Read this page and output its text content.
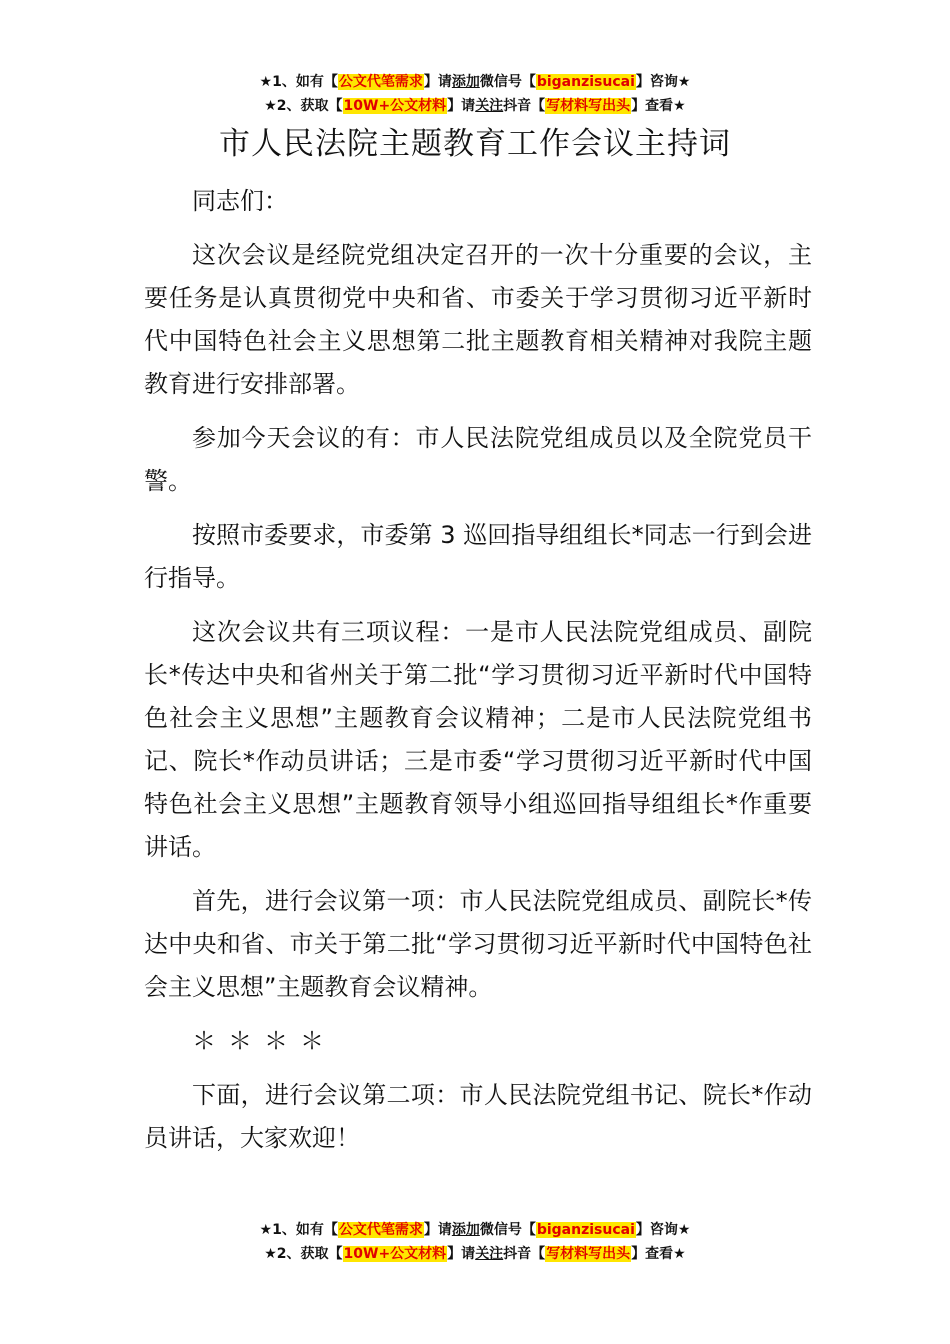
★1、如有【公文代笔需求】请添加微信号【biganzisucai】咨询★
★2、获取【10W+公文材料】请关注抖音【写材料写出头】查看★
市人民法院主题教育工作会议主持词

同志们：

这次会议是经院党组决定召开的一次十分重要的会议，主要任务是认真贯彻党中央和省、市委关于学习贯彻习近平新时代中国特色社会主义思想第二批主题教育相关精神对我院主题教育进行安排部署。

参加今天会议的有：市人民法院党组成员以及全院党员干警。

按照市委要求，市委第 3 巡回指导组组长*同志一行到会进行指导。

这次会议共有三项议程：一是市人民法院党组成员、副院长*传达中央和省州关于第二批“学习贯彻习近平新时代中国特色社会主义思想”主题教育会议精神；二是市人民法院党组书记、院长*作动员讲话；三是市委“学习贯彻习近平新时代中国特色社会主义思想”主题教育领导小组巡回指导组组长*作重要讲话。

首先，进行会议第一项：市人民法院党组成员、副院长*传达中央和省、市关于第二批“学习贯彻习近平新时代中国特色社会主义思想”主题教育会议精神。

＊＊＊＊

下面，进行会议第二项：市人民法院党组书记、院长*作动员讲话，大家欢迎！

★1、如有【公文代笔需求】请添加微信号【biganzisucai】咨询★
★2、获取【10W+公文材料】请关注抖音【写材料写出头】查看★
